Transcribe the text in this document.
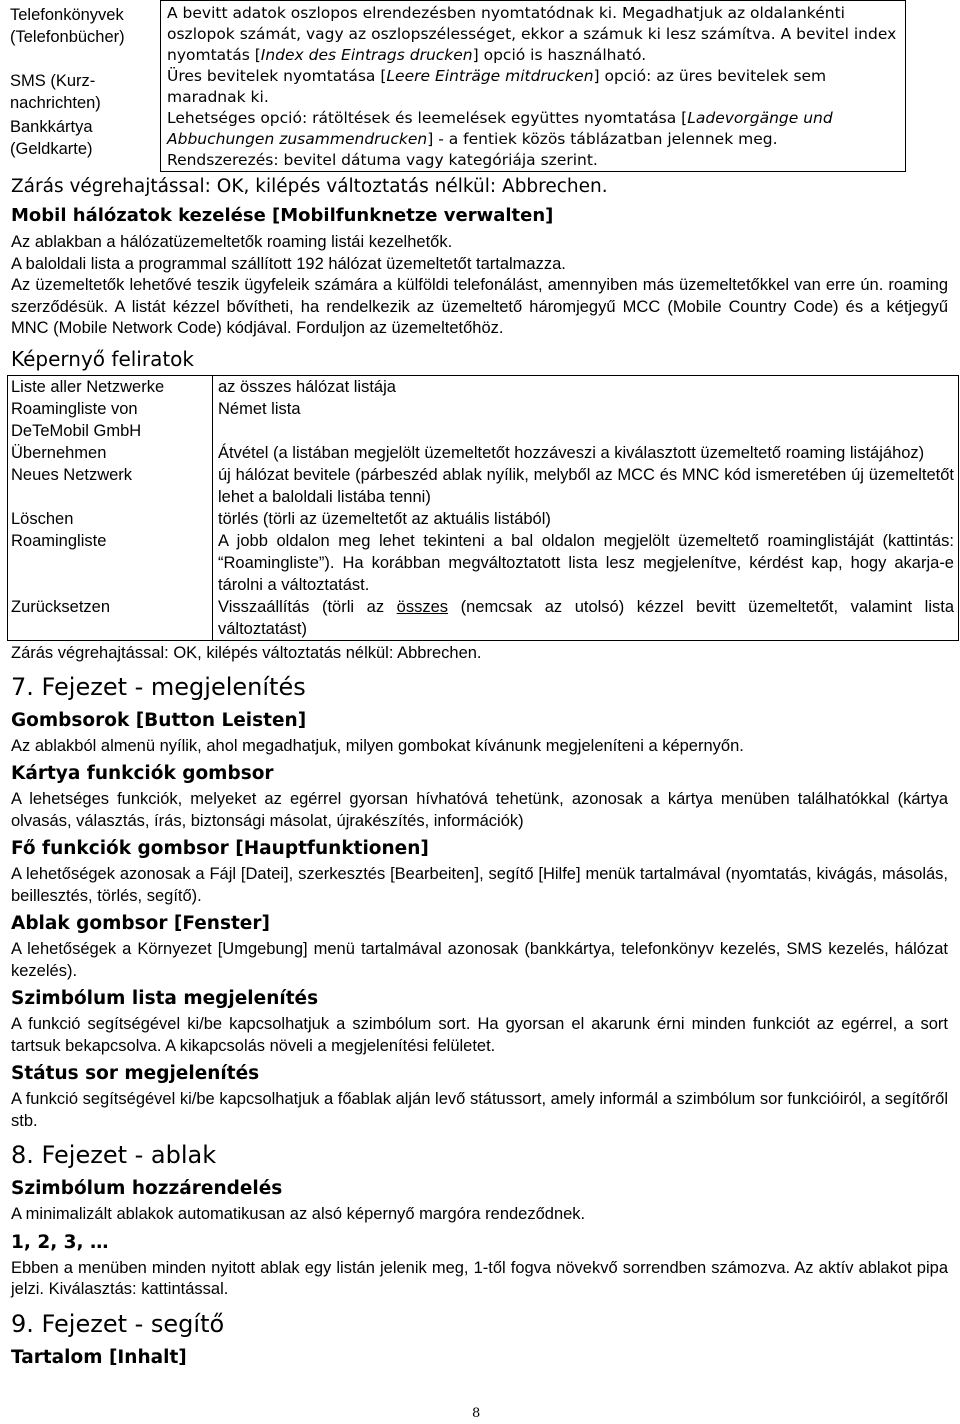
Telefonkönyvek (Telefonbücher)
SMS (Kurz-nachrichten)
Bankkártya (Geldkarte)

A bevitt adatok oszlopos elrendezésben nyomtatódnak ki. Megadhatjuk az oldalankénti oszlopok számát, vagy az oszlopszélességet, ekkor a számuk ki lesz számítva. A bevitel index nyomtatás [Index des Eintrags drucken] opció is használható.

Üres bevitelek nyomtatása [Leere Einträge mitdrucken] opció: az üres bevitelek sem maradnak ki.

Lehetséges opció: rátöltések és leemelések együttes nyomtatása [Ladevorgänge und Abbuchungen zusammendrucken] - a fentiek közös táblázatban jelennek meg.

Rendszerezés: bevitel dátuma vagy kategóriája szerint.

Zárás végrehajtással: OK, kilépés változtatás nélkül: Abbrechen.

Mobil hálózatok kezelése [Mobilfunknetze verwalten]

Az ablakban a hálózatüzemeltetők roaming listái kezelhetők.

A baloldali lista a programmal szállított 192 hálózat üzemeltetőt tartalmazza.

Az üzemeltetők lehetővé teszik ügyfeleik számára a külföldi telefonálást, amennyiben más üzemeltetőkkel van erre ún. roaming szerződésük. A listát kézzel bővítheti, ha rendelkezik az üzemeltető háromjegyű MCC (Mobile Country Code) és a kétjegyű MNC (Mobile Network Code) kódjával. Forduljon az üzemeltetőhöz.

Képernyő feliratok
Liste aller Netzwerke	az összes hálózat listája
Roamingliste von DeTeMobil GmbH	Német lista
Übernehmen	Átvétel (a listában megjelölt üzemeltetőt hozzáveszi a kiválasztott üzemeltető roaming listájához)
Neues Netzwerk	új hálózat bevitele (párbeszéd ablak nyílik, melyből az MCC és MNC kód ismeretében új üzemeltetőt lehet a baloldali listába tenni)
Löschen	törlés (törli az üzemeltetőt az aktuális listából)
Roamingliste	A jobb oldalon meg lehet tekinteni a bal oldalon megjelölt üzemeltető roaminglistáját (kattintás: “Roamingliste”). Ha korábban megváltoztatott lista lesz megjelenítve, kérdést kap, hogy akarja-e tárolni a változtatást.
Zurücksetzen	Visszaállítás (törli az összes (nemcsak az utolsó) kézzel bevitt üzemeltetőt, valamint lista változtatást)

Zárás végrehajtással: OK, kilépés változtatás nélkül: Abbrechen.

7. Fejezet - megjelenítés
Gombsorok [Button Leisten]

Az ablakból almenü nyílik, ahol megadhatjuk, milyen gombokat kívánunk megjeleníteni a képernyőn.

Kártya funkciók gombsor

A lehetséges funkciók, melyeket az egérrel gyorsan hívhatóvá tehetünk, azonosak a kártya menüben találhatókkal (kártya olvasás, választás, írás, biztonsági másolat, újrakészítés, információk)

Fő funkciók gombsor [Hauptfunktionen]

A lehetőségek azonosak a Fájl [Datei], szerkesztés [Bearbeiten], segítő [Hilfe] menük tartalmával (nyomtatás, kivágás, másolás, beillesztés, törlés, segítő).

Ablak gombsor [Fenster]

A lehetőségek a Környezet [Umgebung] menü tartalmával azonosak (bankkártya, telefonkönyv kezelés, SMS kezelés, hálózat kezelés).

Szimbólum lista megjelenítés

A funkció segítségével ki/be kapcsolhatjuk a szimbólum sort. Ha gyorsan el akarunk érni minden funkciót az egérrel, a sort tartsuk bekapcsolva. A kikapcsolás növeli a megjelenítési felületet.

Státus sor megjelenítés

A funkció segítségével ki/be kapcsolhatjuk a főablak alján levő státussort, amely informál a szimbólum sor funkcióiról, a segítőről stb.

8. Fejezet - ablak
Szimbólum hozzárendelés

A minimalizált ablakok automatikusan az alsó képernyő margóra rendeződnek.

1, 2, 3, …

Ebben a menüben minden nyitott ablak egy listán jelenik meg, 1-től fogva növekvő sorrendben számozva. Az aktív ablakot pipa jelzi. Kiválasztás: kattintással.

9. Fejezet - segítő
Tartalom [Inhalt]
8
